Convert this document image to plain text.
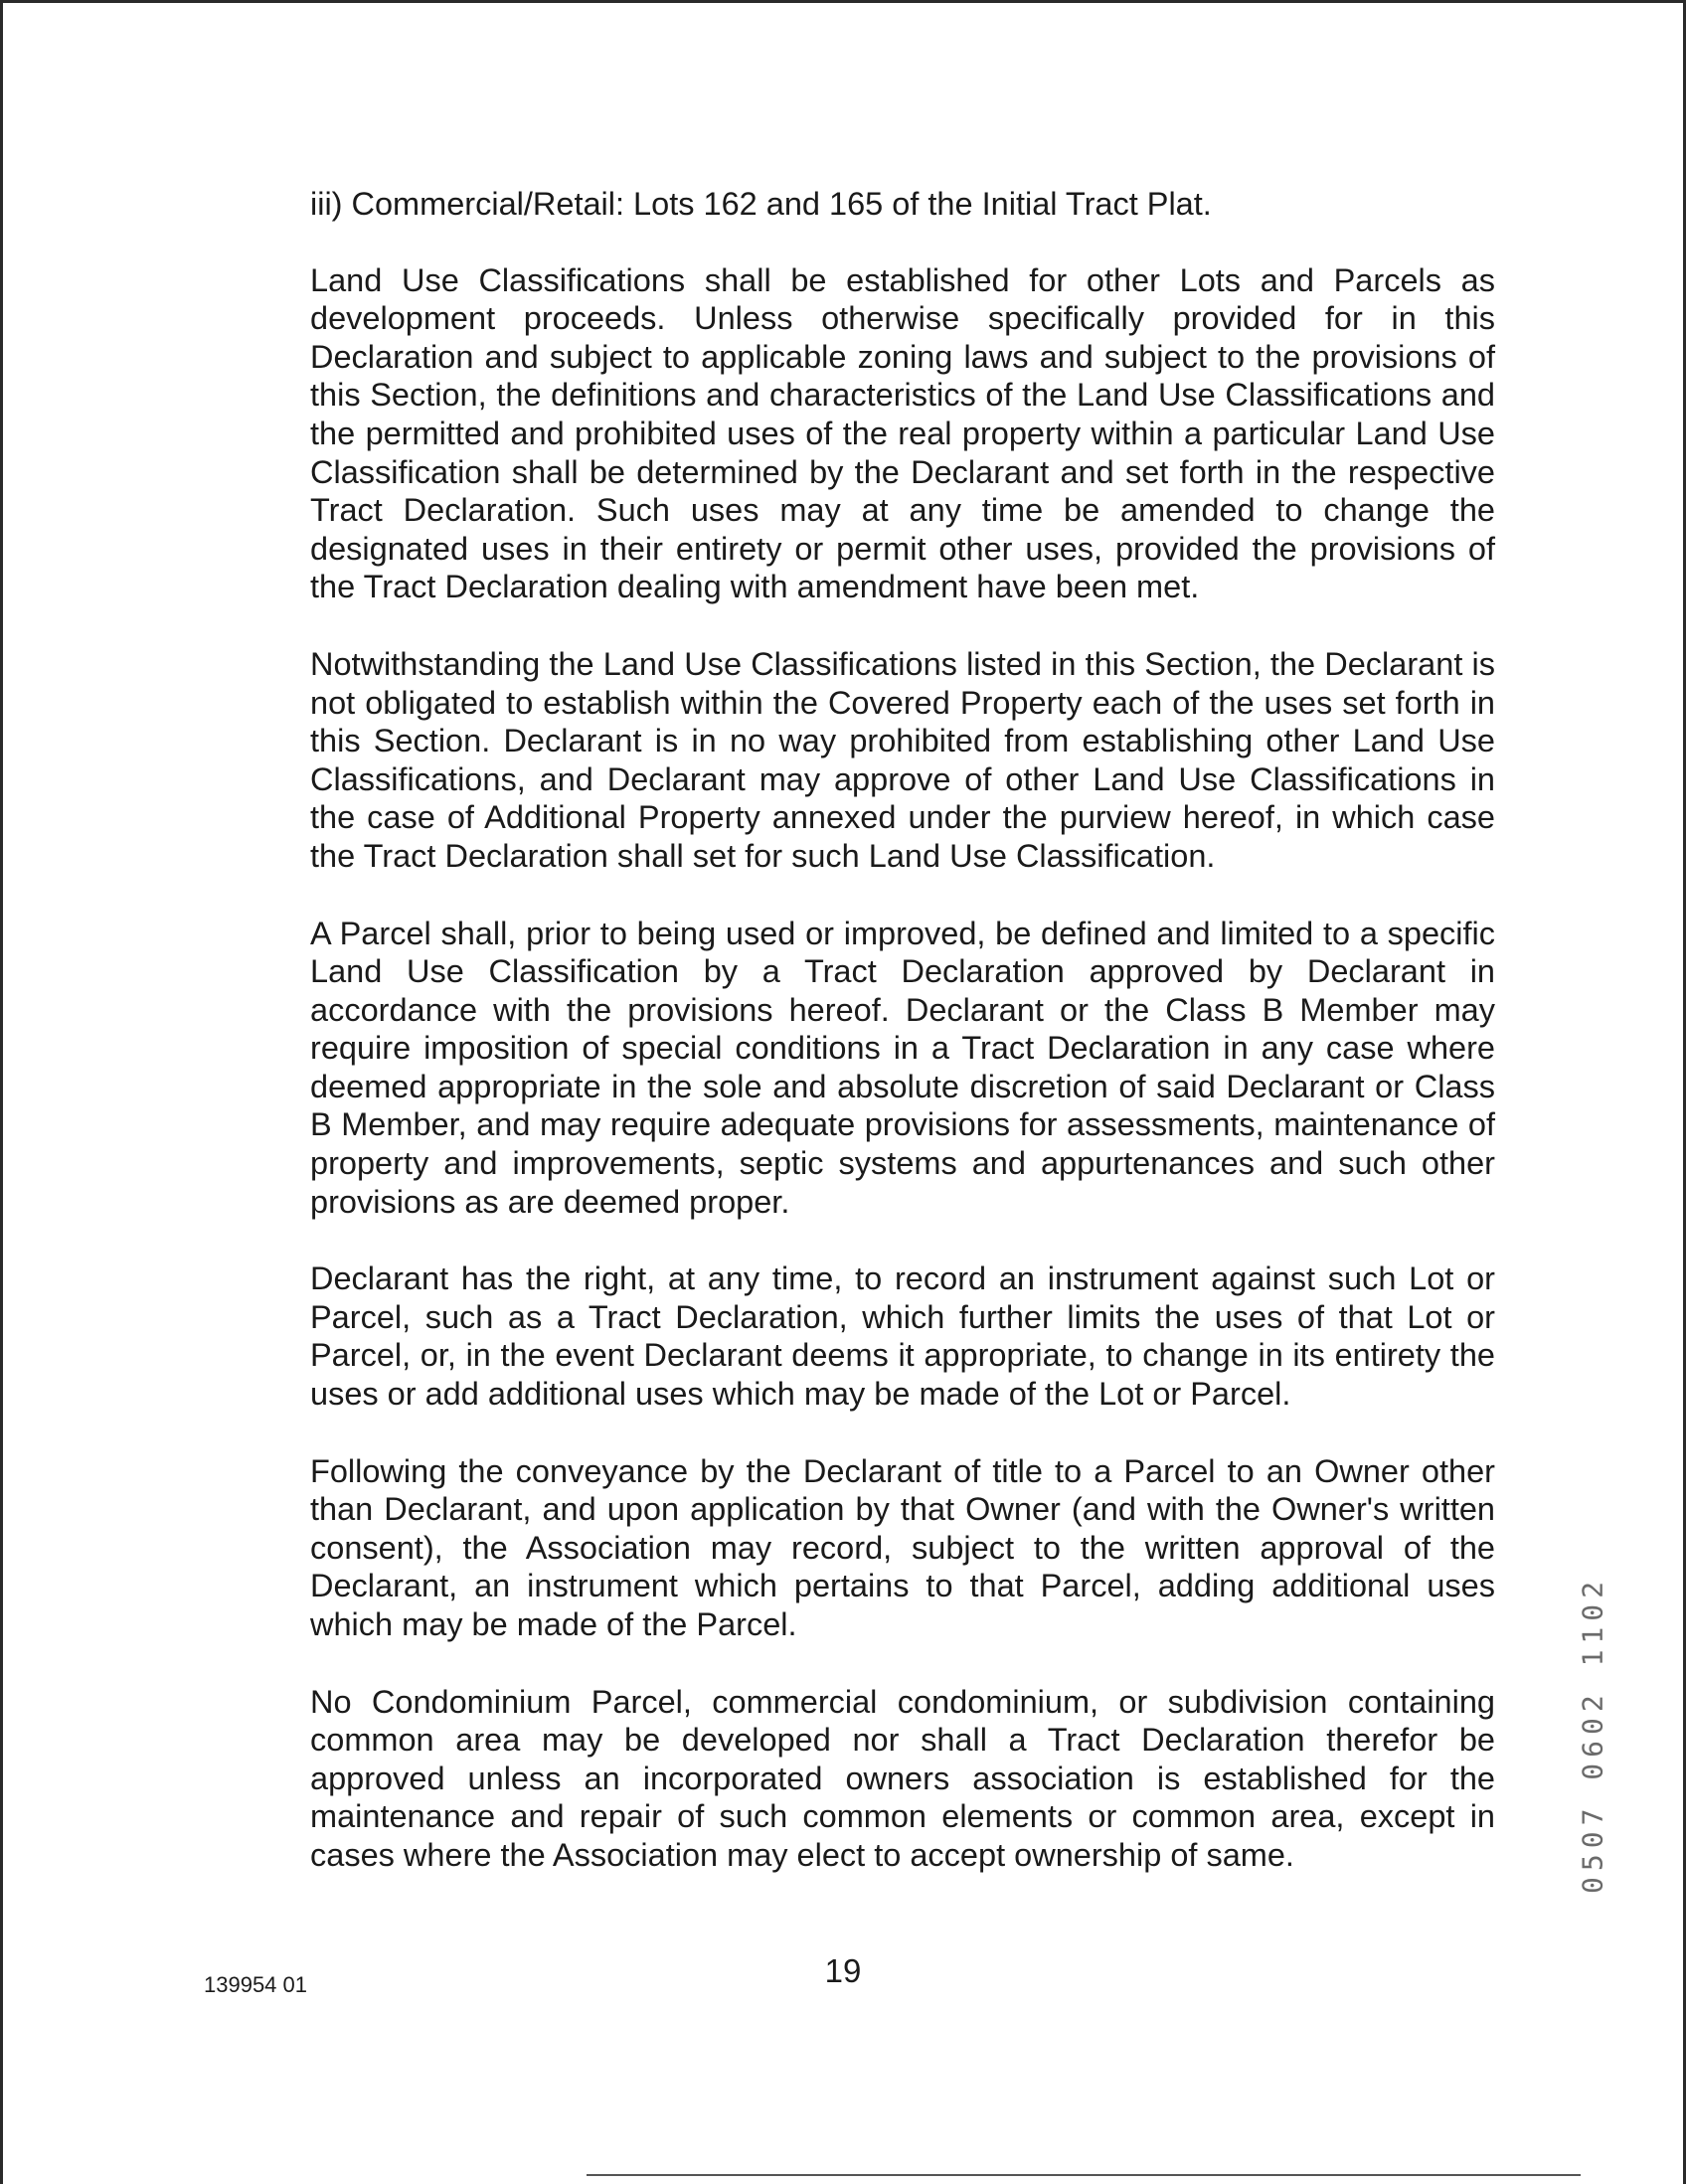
iii) Commercial/Retail: Lots 162 and 165 of the Initial Tract Plat.

Land Use Classifications shall be established for other Lots and Parcels as development proceeds. Unless otherwise specifically provided for in this Declaration and subject to applicable zoning laws and subject to the provisions of this Section, the definitions and characteristics of the Land Use Classifications and the permitted and prohibited uses of the real property within a particular Land Use Classification shall be determined by the Declarant and set forth in the respective Tract Declaration. Such uses may at any time be amended to change the designated uses in their entirety or permit other uses, provided the provisions of the Tract Declaration dealing with amendment have been met.

Notwithstanding the Land Use Classifications listed in this Section, the Declarant is not obligated to establish within the Covered Property each of the uses set forth in this Section. Declarant is in no way prohibited from establishing other Land Use Classifications, and Declarant may approve of other Land Use Classifications in the case of Additional Property annexed under the purview hereof, in which case the Tract Declaration shall set for such Land Use Classification.

A Parcel shall, prior to being used or improved, be defined and limited to a specific Land Use Classification by a Tract Declaration approved by Declarant in accordance with the provisions hereof. Declarant or the Class B Member may require imposition of special conditions in a Tract Declaration in any case where deemed appropriate in the sole and absolute discretion of said Declarant or Class B Member, and may require adequate provisions for assessments, maintenance of property and improvements, septic systems and appurtenances and such other provisions as are deemed proper.

Declarant has the right, at any time, to record an instrument against such Lot or Parcel, such as a Tract Declaration, which further limits the uses of that Lot or Parcel, or, in the event Declarant deems it appropriate, to change in its entirety the uses or add additional uses which may be made of the Lot or Parcel.

Following the conveyance by the Declarant of title to a Parcel to an Owner other than Declarant, and upon application by that Owner (and with the Owner's written consent), the Association may record, subject to the written approval of the Declarant, an instrument which pertains to that Parcel, adding additional uses which may be made of the Parcel.

No Condominium Parcel, commercial condominium, or subdivision containing common area may be developed nor shall a Tract Declaration therefor be approved unless an incorporated owners association is established for the maintenance and repair of such common elements or common area, except in cases where the Association may elect to accept ownership of same.

139954 01	19
0507 0602 1102
